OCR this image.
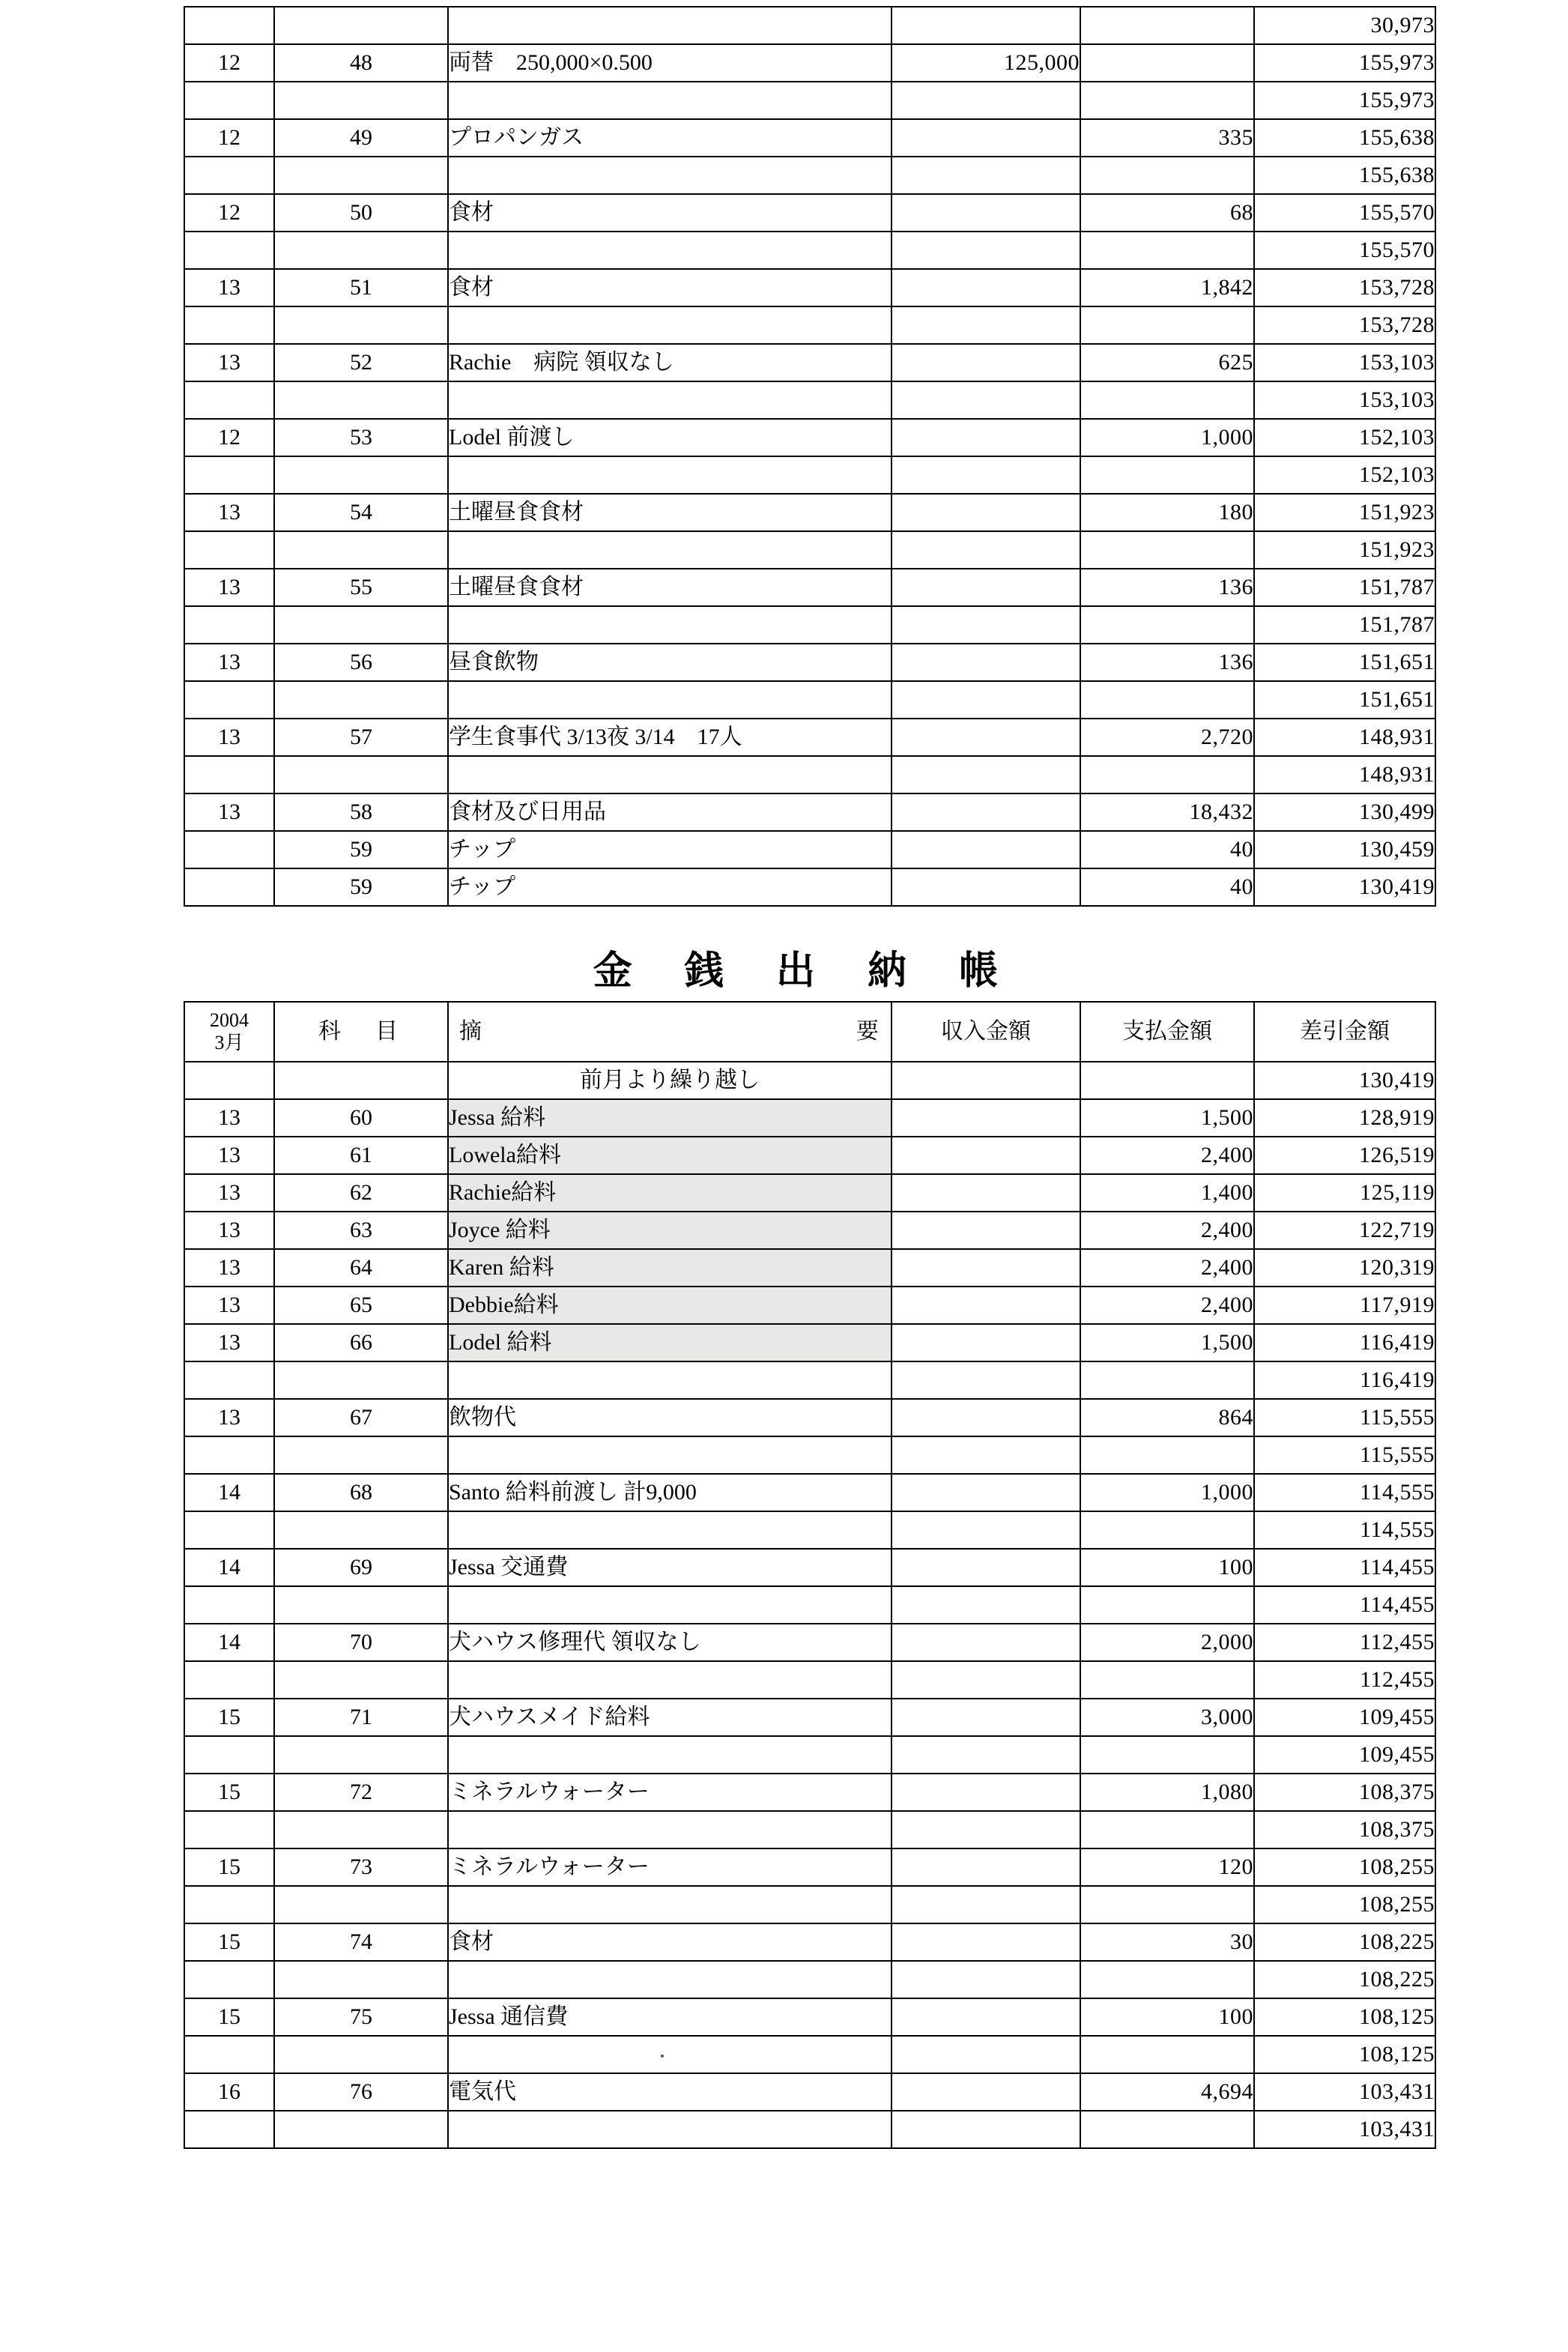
					30,973
12	48	両替　250,000×0.500	125,000		155,973
					155,973
12	49	プロパンガス		335	155,638
					155,638
12	50	食材		68	155,570
					155,570
13	51	食材		1,842	153,728
					153,728
13	52	Rachie　病院 領収なし		625	153,103
					153,103
12	53	Lodel 前渡し		1,000	152,103
					152,103
13	54	土曜昼食食材		180	151,923
					151,923
13	55	土曜昼食食材		136	151,787
					151,787
13	56	昼食飲物		136	151,651
					151,651
13	57	学生食事代 3/13夜 3/14　17人		2,720	148,931
					148,931
13	58	食材及び日用品		18,432	130,499
	59	チップ		40	130,459
	59	チップ		40	130,419
金 銭 出 納 帳
2004
3月	科　目	摘 要	収入金額	支払金額	差引金額
		前月より繰り越し			130,419
13	60	Jessa 給料		1,500	128,919
13	61	Lowela給料		2,400	126,519
13	62	Rachie給料		1,400	125,119
13	63	Joyce 給料		2,400	122,719
13	64	Karen 給料		2,400	120,319
13	65	Debbie給料		2,400	117,919
13	66	Lodel 給料		1,500	116,419
					116,419
13	67	飲物代		864	115,555
					115,555
14	68	Santo 給料前渡し 計9,000		1,000	114,555
					114,555
14	69	Jessa 交通費		100	114,455
					114,455
14	70	犬ハウス修理代 領収なし		2,000	112,455
					112,455
15	71	犬ハウスメイド給料		3,000	109,455
					109,455
15	72	ミネラルウォーター		1,080	108,375
					108,375
15	73	ミネラルウォーター		120	108,255
					108,255
15	74	食材		30	108,225
					108,225
15	75	Jessa 通信費		100	108,125
					108,125
16	76	電気代		4,694	103,431
					103,431
